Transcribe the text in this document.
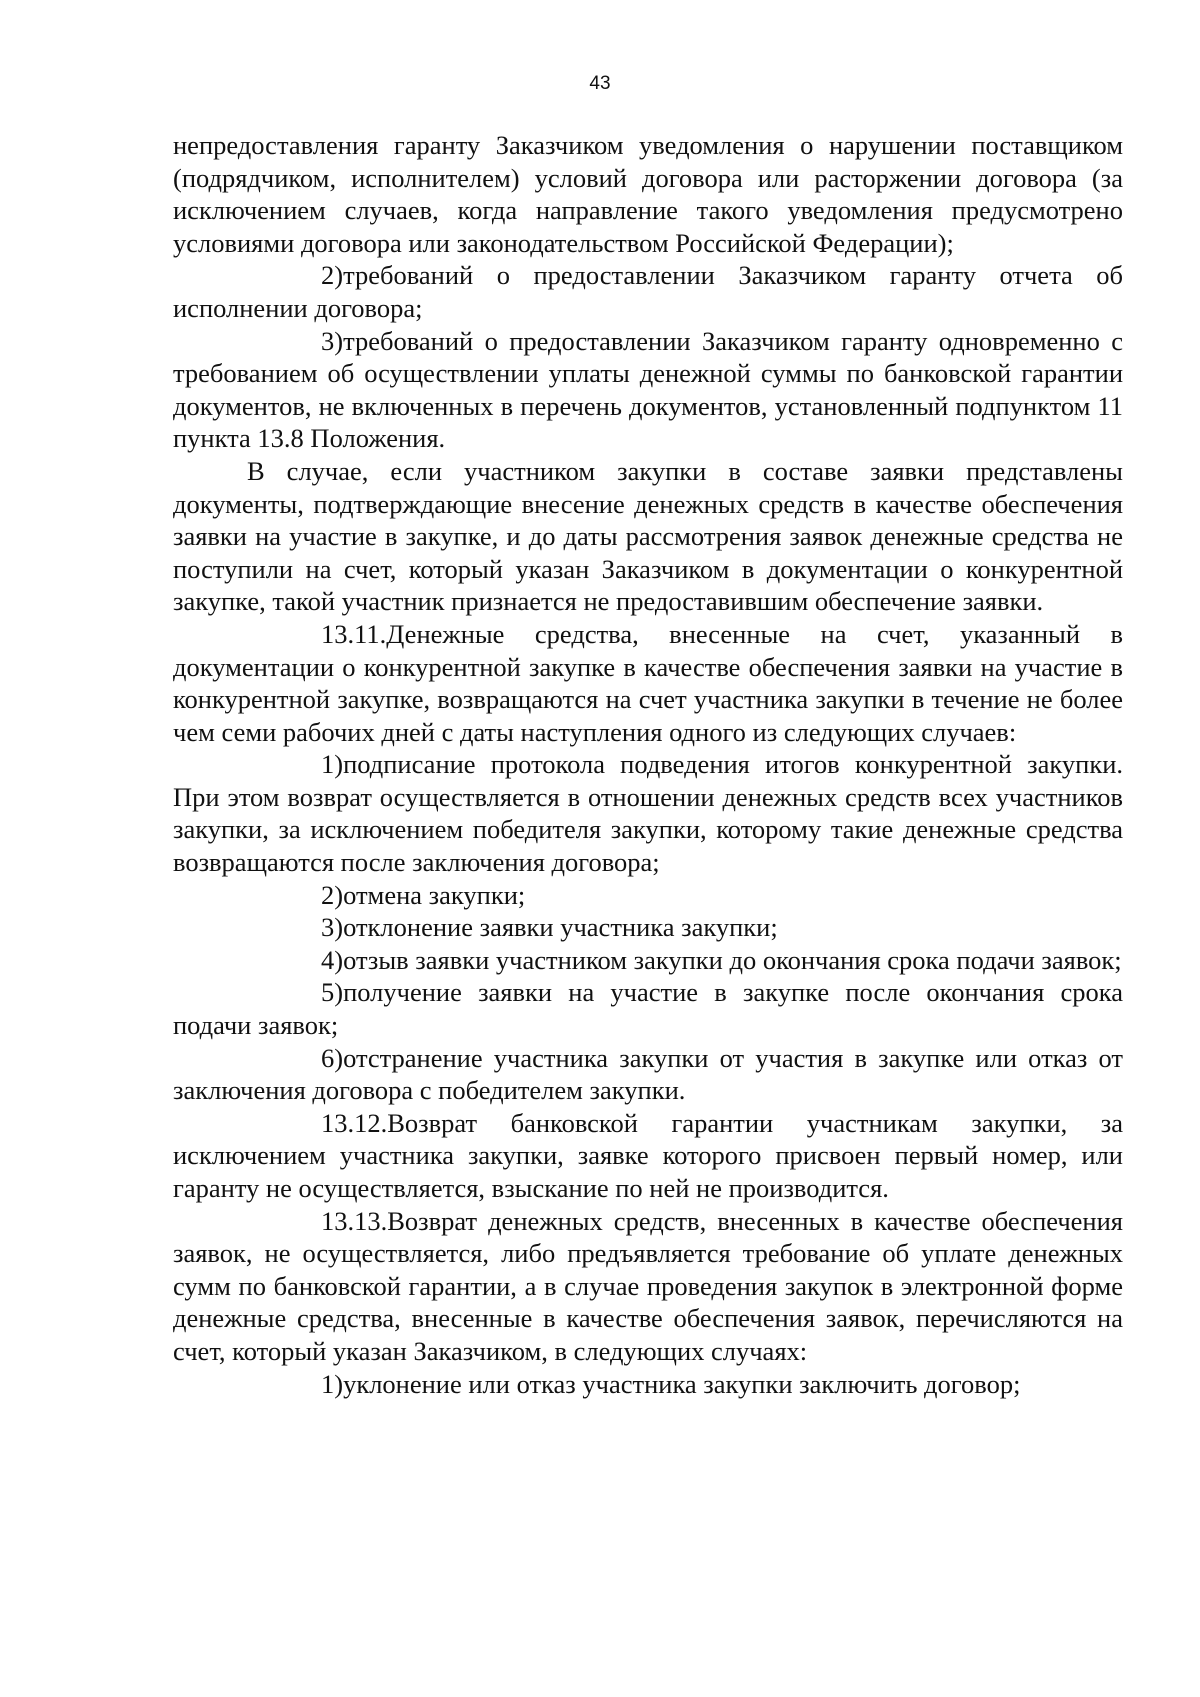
43

непредоставления гаранту Заказчиком уведомления о нарушении поставщиком (подрядчиком, исполнителем) условий договора или расторжении договора (за исключением случаев, когда направление такого уведомления предусмотрено условиями договора или законодательством Российской Федерации);

2)требований о предоставлении Заказчиком гаранту отчета об исполнении договора;

3)требований о предоставлении Заказчиком гаранту одновременно с требованием об осуществлении уплаты денежной суммы по банковской гарантии документов, не включенных в перечень документов, установленный подпунктом 11 пункта 13.8 Положения.

В случае, если участником закупки в составе заявки представлены документы, подтверждающие внесение денежных средств в качестве обеспечения заявки на участие в закупке, и до даты рассмотрения заявок денежные средства не поступили на счет, который указан Заказчиком в документации о конкурентной закупке, такой участник признается не предоставившим обеспечение заявки.

13.11.Денежные средства, внесенные на счет, указанный в документации о конкурентной закупке в качестве обеспечения заявки на участие в конкурентной закупке, возвращаются на счет участника закупки в течение не более чем семи рабочих дней с даты наступления одного из следующих случаев:

1)подписание протокола подведения итогов конкурентной закупки. При этом возврат осуществляется в отношении денежных средств всех участников закупки, за исключением победителя закупки, которому такие денежные средства возвращаются после заключения договора;

2)отмена закупки;

3)отклонение заявки участника закупки;

4)отзыв заявки участником закупки до окончания срока подачи заявок;

5)получение заявки на участие в закупке после окончания срока подачи заявок;

6)отстранение участника закупки от участия в закупке или отказ от заключения договора с победителем закупки.

13.12.Возврат банковской гарантии участникам закупки, за исключением участника закупки, заявке которого присвоен первый номер, или гаранту не осуществляется, взыскание по ней не производится.

13.13.Возврат денежных средств, внесенных в качестве обеспечения заявок, не осуществляется, либо предъявляется требование об уплате денежных сумм по банковской гарантии, а в случае проведения закупок в электронной форме денежные средства, внесенные в качестве обеспечения заявок, перечисляются на счет, который указан Заказчиком, в следующих случаях:

1)уклонение или отказ участника закупки заключить договор;
